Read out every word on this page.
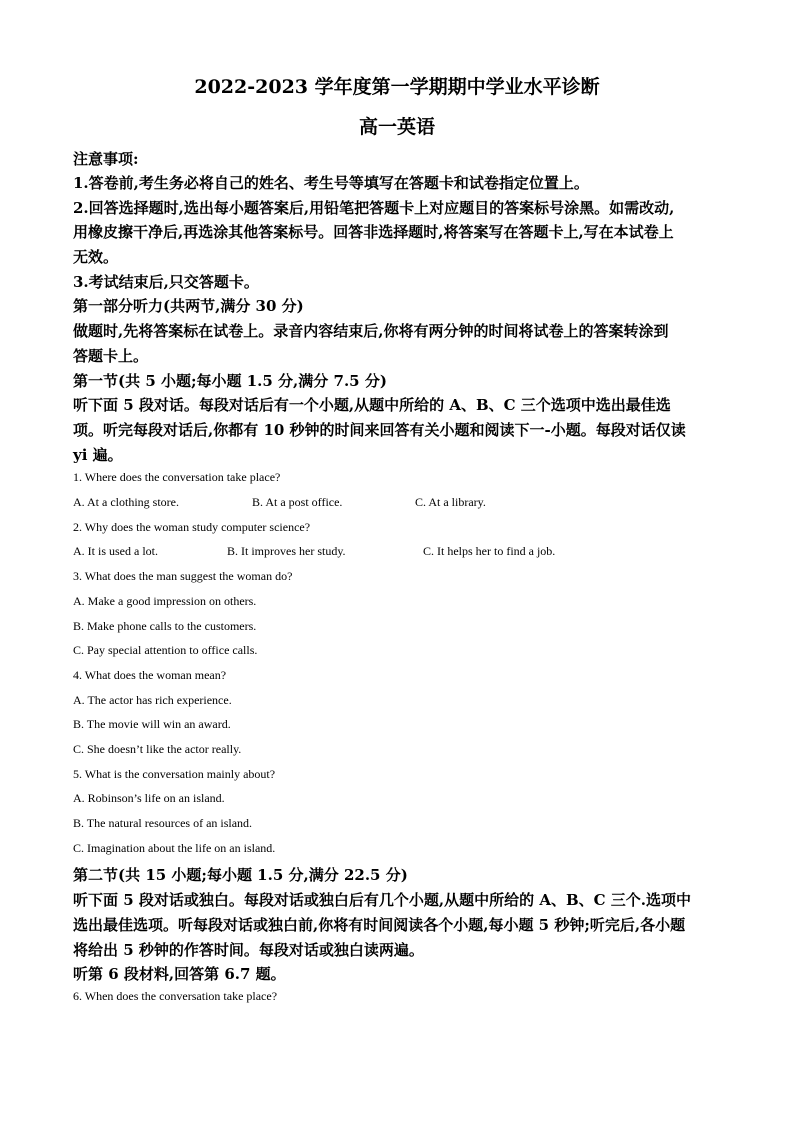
2022-2023 学年度第一学期期中学业水平诊断
高一英语
注意事项:
1.答卷前,考生务必将自己的姓名、考生号等填写在答题卡和试卷指定位置上。
2.回答选择题时,选出每小题答案后,用铅笔把答题卡上对应题目的答案标号涂黑。如需改动,
用橡皮擦干净后,再选涂其他答案标号。回答非选择题时,将答案写在答题卡上,写在本试卷上
无效。
3.考试结束后,只交答题卡。
第一部分听力(共两节,满分 30 分)
做题时,先将答案标在试卷上。录音内容结束后,你将有两分钟的时间将试卷上的答案转涂到
答题卡上。
第一节(共 5 小题;每小题 1.5 分,满分 7.5 分)
听下面 5 段对话。每段对话后有一个小题,从题中所给的 A、B、C 三个选项中选出最佳选
项。听完每段对话后,你都有 10 秒钟的时间来回答有关小题和阅读下一-小题。每段对话仅读
yi 遍。
1. Where does the conversation take place?
A. At a clothing store.	B. At a post office.	C. At a library.
2. Why does the woman study computer science?
A. It is used a lot.	B. It improves her study.	C. It helps her to find a job.
3. What does the man suggest the woman do?
A. Make a good impression on others.
B. Make phone calls to the customers.
C. Pay special attention to office calls.
4. What does the woman mean?
A. The actor has rich experience.
B. The movie will win an award.
C. She doesn’t like the actor really.
5. What is the conversation mainly about?
A. Robinson’s life on an island.
B. The natural resources of an island.
C. Imagination about the life on an island.
第二节(共 15 小题;每小题 1.5 分,满分 22.5 分)
听下面 5 段对话或独白。每段对话或独白后有几个小题,从题中所给的 A、B、C 三个.选项中
选出最佳选项。听每段对话或独白前,你将有时间阅读各个小题,每小题 5 秒钟;听完后,各小题
将给出 5 秒钟的作答时间。每段对话或独白读两遍。
听第 6 段材料,回答第 6.7 题。
6. When does the conversation take place?
